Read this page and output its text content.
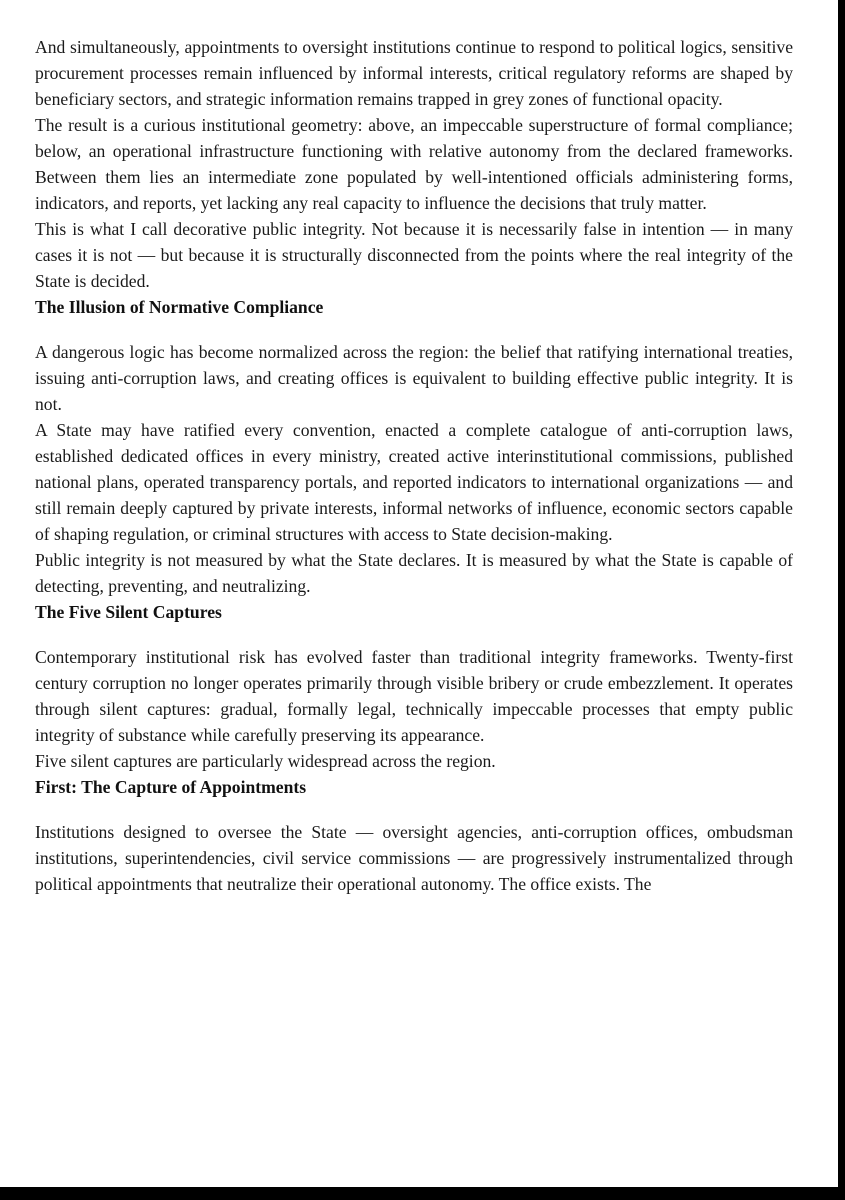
And simultaneously, appointments to oversight institutions continue to respond to political logics, sensitive procurement processes remain influenced by informal interests, critical regulatory reforms are shaped by beneficiary sectors, and strategic information remains trapped in grey zones of functional opacity.

The result is a curious institutional geometry: above, an impeccable superstructure of formal compliance; below, an operational infrastructure functioning with relative autonomy from the declared frameworks. Between them lies an intermediate zone populated by well-intentioned officials administering forms, indicators, and reports, yet lacking any real capacity to influence the decisions that truly matter.

This is what I call decorative public integrity. Not because it is necessarily false in intention — in many cases it is not — but because it is structurally disconnected from the points where the real integrity of the State is decided.

The Illusion of Normative Compliance

A dangerous logic has become normalized across the region: the belief that ratifying international treaties, issuing anti-corruption laws, and creating offices is equivalent to building effective public integrity. It is not.

A State may have ratified every convention, enacted a complete catalogue of anti-corruption laws, established dedicated offices in every ministry, created active interinstitutional commissions, published national plans, operated transparency portals, and reported indicators to international organizations — and still remain deeply captured by private interests, informal networks of influence, economic sectors capable of shaping regulation, or criminal structures with access to State decision-making.

Public integrity is not measured by what the State declares. It is measured by what the State is capable of detecting, preventing, and neutralizing.

The Five Silent Captures

Contemporary institutional risk has evolved faster than traditional integrity frameworks. Twenty-first century corruption no longer operates primarily through visible bribery or crude embezzlement. It operates through silent captures: gradual, formally legal, technically impeccable processes that empty public integrity of substance while carefully preserving its appearance.

Five silent captures are particularly widespread across the region.

First: The Capture of Appointments

Institutions designed to oversee the State — oversight agencies, anti-corruption offices, ombudsman institutions, superintendencies, civil service commissions — are progressively instrumentalized through political appointments that neutralize their operational autonomy. The office exists. The
